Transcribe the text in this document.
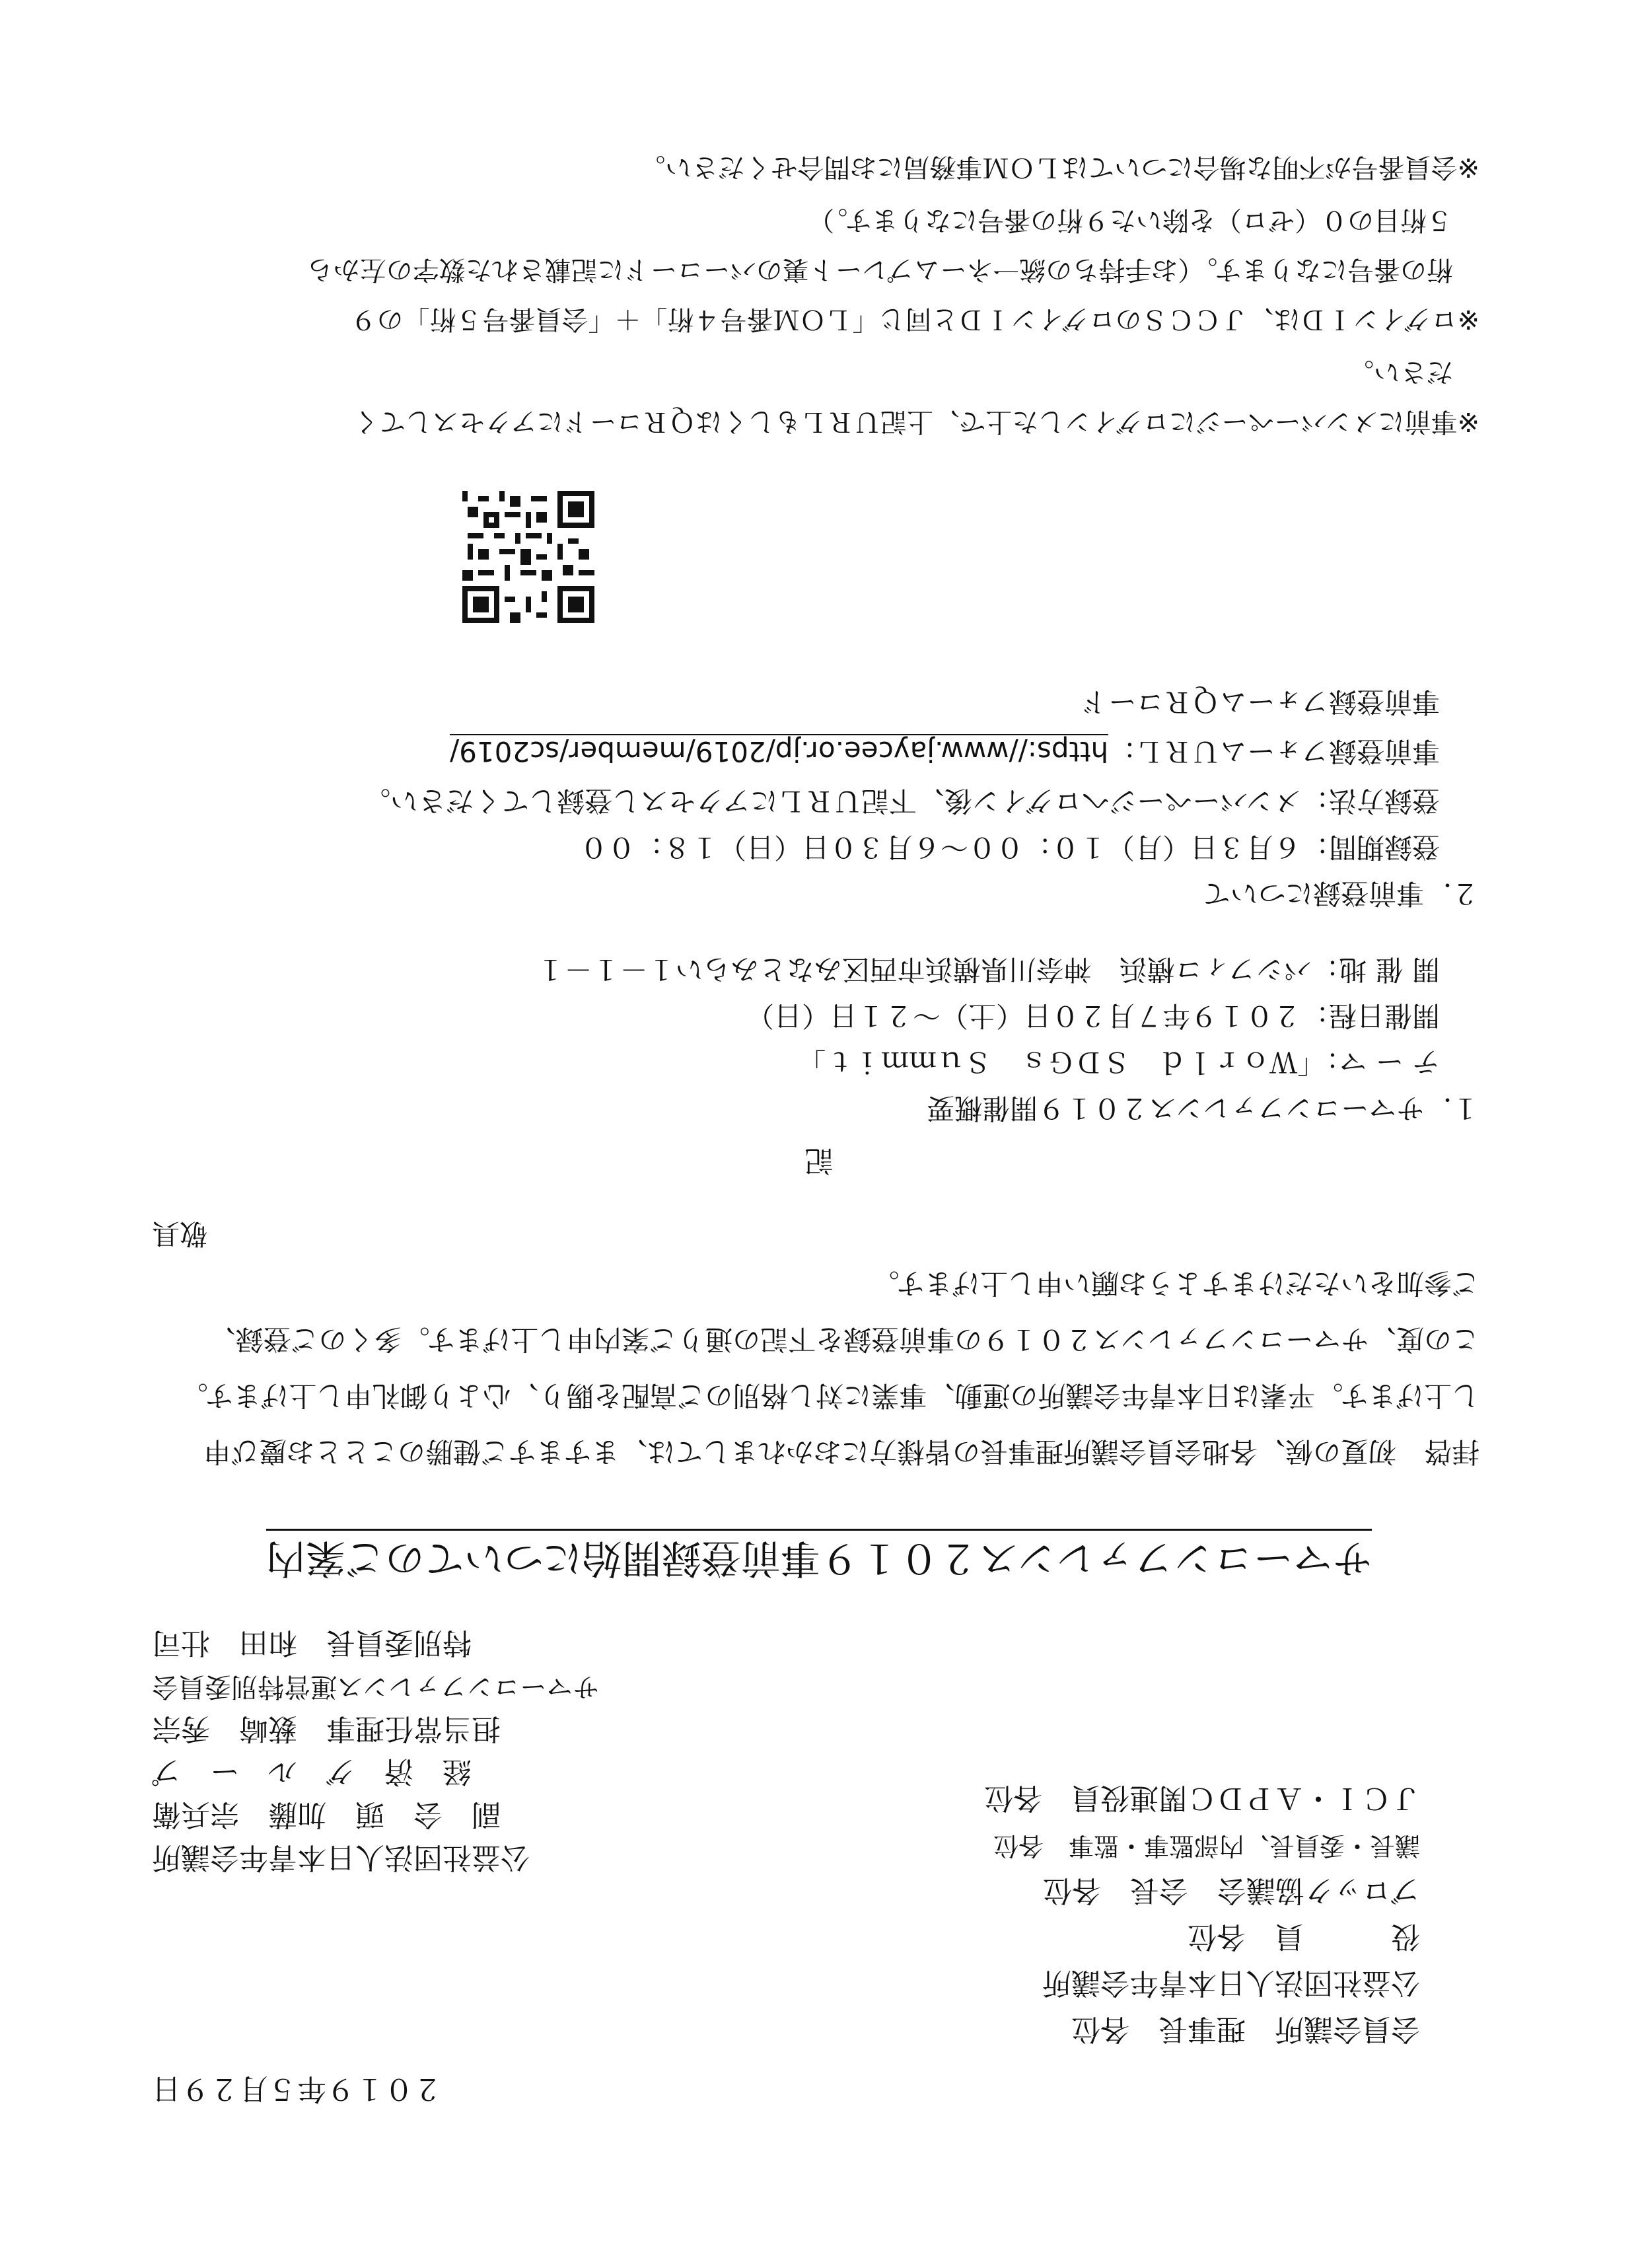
２０１９年５月２９日
会員会議所　理事長　各位
公益社団法人日本青年会議所
役　　　員　各位
ブロック協議会　会長　各位
議長・委員長、内部監事・監事　各位
ＪＣＩ・ＡＰＤＣ関連役員　各位
公益社団法人日本青年会議所
副　会　頭　加藤　宗兵衛
経　済　グ　ル　ー　プ
担当常任理事　薮崎　秀宗
サマーコンファレンス運営特別委員会
特別委員長　和田　壮司
サマーコンファレンス２０１９事前登録開始についてのご案内
拝啓　初夏の候、各地会員会議所理事長の皆様方におかれましては、ますますご健勝のこととお慶び申
し上げます。平素は日本青年会議所の運動、事業に対し格別のご高配を賜り、心より御礼申し上げます。
この度、サマーコンファレンス２０１９の事前登録を下記の通りご案内申し上げます。多くのご登録、
ご参加をいただけますようお願い申し上げます。
敬具
記
１．サマーコンファレンス２０１９開催概要
テ ー マ：「Ｗｏｒｌｄ　ＳＤＧｓ　Ｓｕｍｍｉｔ」
開催日程：２０１９年７月２０日（土）～２１日（日）
開 催 地：パシフィコ横浜　神奈川県横浜市西区みなとみらい１－１－１
２．事前登録について
登録期間：６月３日（月）１０：００～６月３０日（日）１８：００
登録方法：メンバーページへログイン後、下記ＵＲＬにアクセスし登録してください。
事前登録フォームＵＲＬ：https://www.jaycee.or.jp/2019/member/sc2019/
事前登録フォームＱＲコード
※事前にメンバーページにログインした上で、上記ＵＲＬもしくはＱＲコードにアクセスしてく
　ださい。
※ログインＩＤは、ＪＣＣＳのログインＩＤと同じ「ＬＯＭ番号４桁」＋「会員番号５桁」の９
　桁の番号になります。（お手持ちの統一ネームプレート裏のバーコードに記載された数字の左から
　５桁目の０（ゼロ）を除いた９桁の番号になります。）
※会員番号が不明な場合についてはＬＯＭ事務局にお問合せください。
